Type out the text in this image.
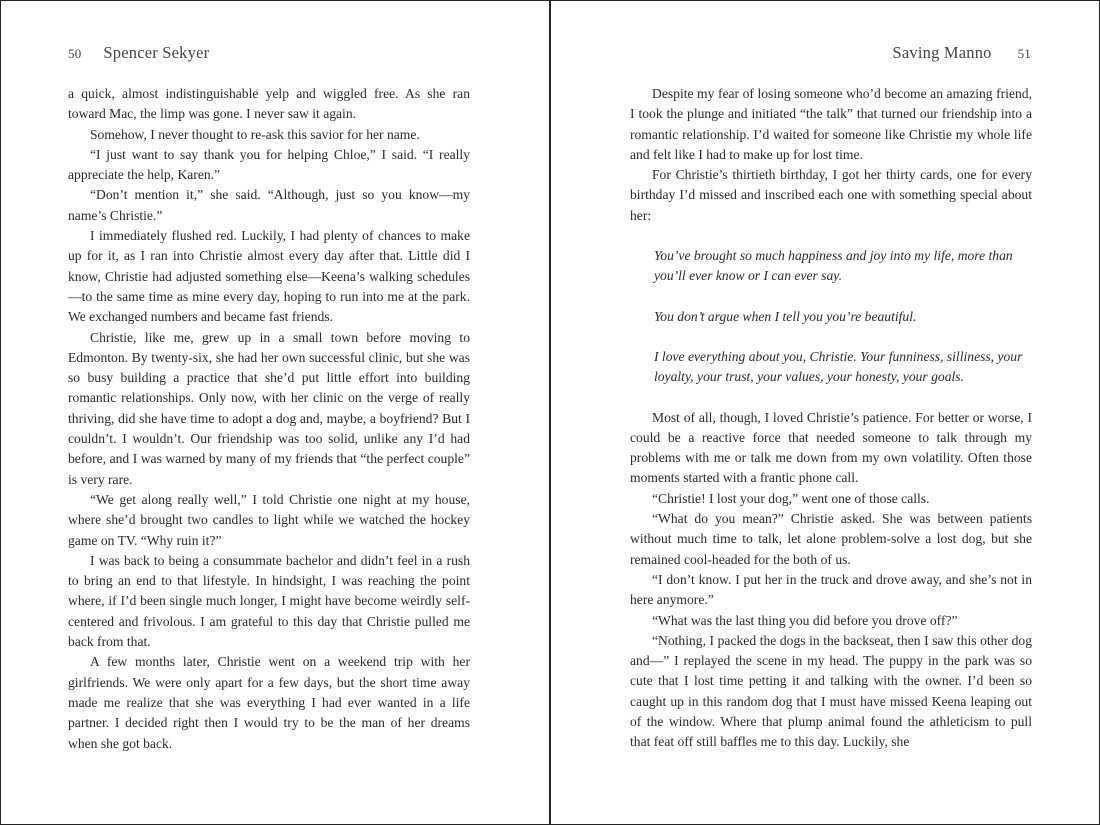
50 Spencer Sekyer

a quick, almost indistinguishable yelp and wiggled free. As she ran toward Mac, the limp was gone. I never saw it again.

Somehow, I never thought to re-ask this savior for her name.

“I just want to say thank you for helping Chloe,” I said. “I really appreciate the help, Karen.”

“Don’t mention it,” she said. “Although, just so you know—my name’s Christie.”

I immediately flushed red. Luckily, I had plenty of chances to make up for it, as I ran into Christie almost every day after that. Little did I know, Christie had adjusted something else—Keena’s walking schedules—to the same time as mine every day, hoping to run into me at the park. We exchanged numbers and became fast friends.

Christie, like me, grew up in a small town before moving to Edmonton. By twenty-six, she had her own successful clinic, but she was so busy building a practice that she’d put little effort into building romantic relationships. Only now, with her clinic on the verge of really thriving, did she have time to adopt a dog and, maybe, a boyfriend? But I couldn’t. I wouldn’t. Our friendship was too solid, unlike any I’d had before, and I was warned by many of my friends that “the perfect couple” is very rare.

“We get along really well,” I told Christie one night at my house, where she’d brought two candles to light while we watched the hockey game on TV. “Why ruin it?”

I was back to being a consummate bachelor and didn’t feel in a rush to bring an end to that lifestyle. In hindsight, I was reaching the point where, if I’d been single much longer, I might have become weirdly self-centered and frivolous. I am grateful to this day that Christie pulled me back from that.

A few months later, Christie went on a weekend trip with her girlfriends. We were only apart for a few days, but the short time away made me realize that she was everything I had ever wanted in a life partner. I decided right then I would try to be the man of her dreams when she got back.

Saving Manno 51

Despite my fear of losing someone who’d become an amazing friend, I took the plunge and initiated “the talk” that turned our friendship into a romantic relationship. I’d waited for someone like Christie my whole life and felt like I had to make up for lost time.

For Christie’s thirtieth birthday, I got her thirty cards, one for every birthday I’d missed and inscribed each one with something special about her:

You’ve brought so much happiness and joy into my life, more than you’ll ever know or I can ever say.

You don’t argue when I tell you you’re beautiful.

I love everything about you, Christie. Your funniness, silliness, your loyalty, your trust, your values, your honesty, your goals.

Most of all, though, I loved Christie’s patience. For better or worse, I could be a reactive force that needed someone to talk through my problems with me or talk me down from my own volatility. Often those moments started with a frantic phone call.

“Christie! I lost your dog,” went one of those calls.

“What do you mean?” Christie asked. She was between patients without much time to talk, let alone problem-solve a lost dog, but she remained cool-headed for the both of us.

“I don’t know. I put her in the truck and drove away, and she’s not in here anymore.”

“What was the last thing you did before you drove off?”

“Nothing, I packed the dogs in the backseat, then I saw this other dog and—” I replayed the scene in my head. The puppy in the park was so cute that I lost time petting it and talking with the owner. I’d been so caught up in this random dog that I must have missed Keena leaping out of the window. Where that plump animal found the athleticism to pull that feat off still baffles me to this day. Luckily, she
